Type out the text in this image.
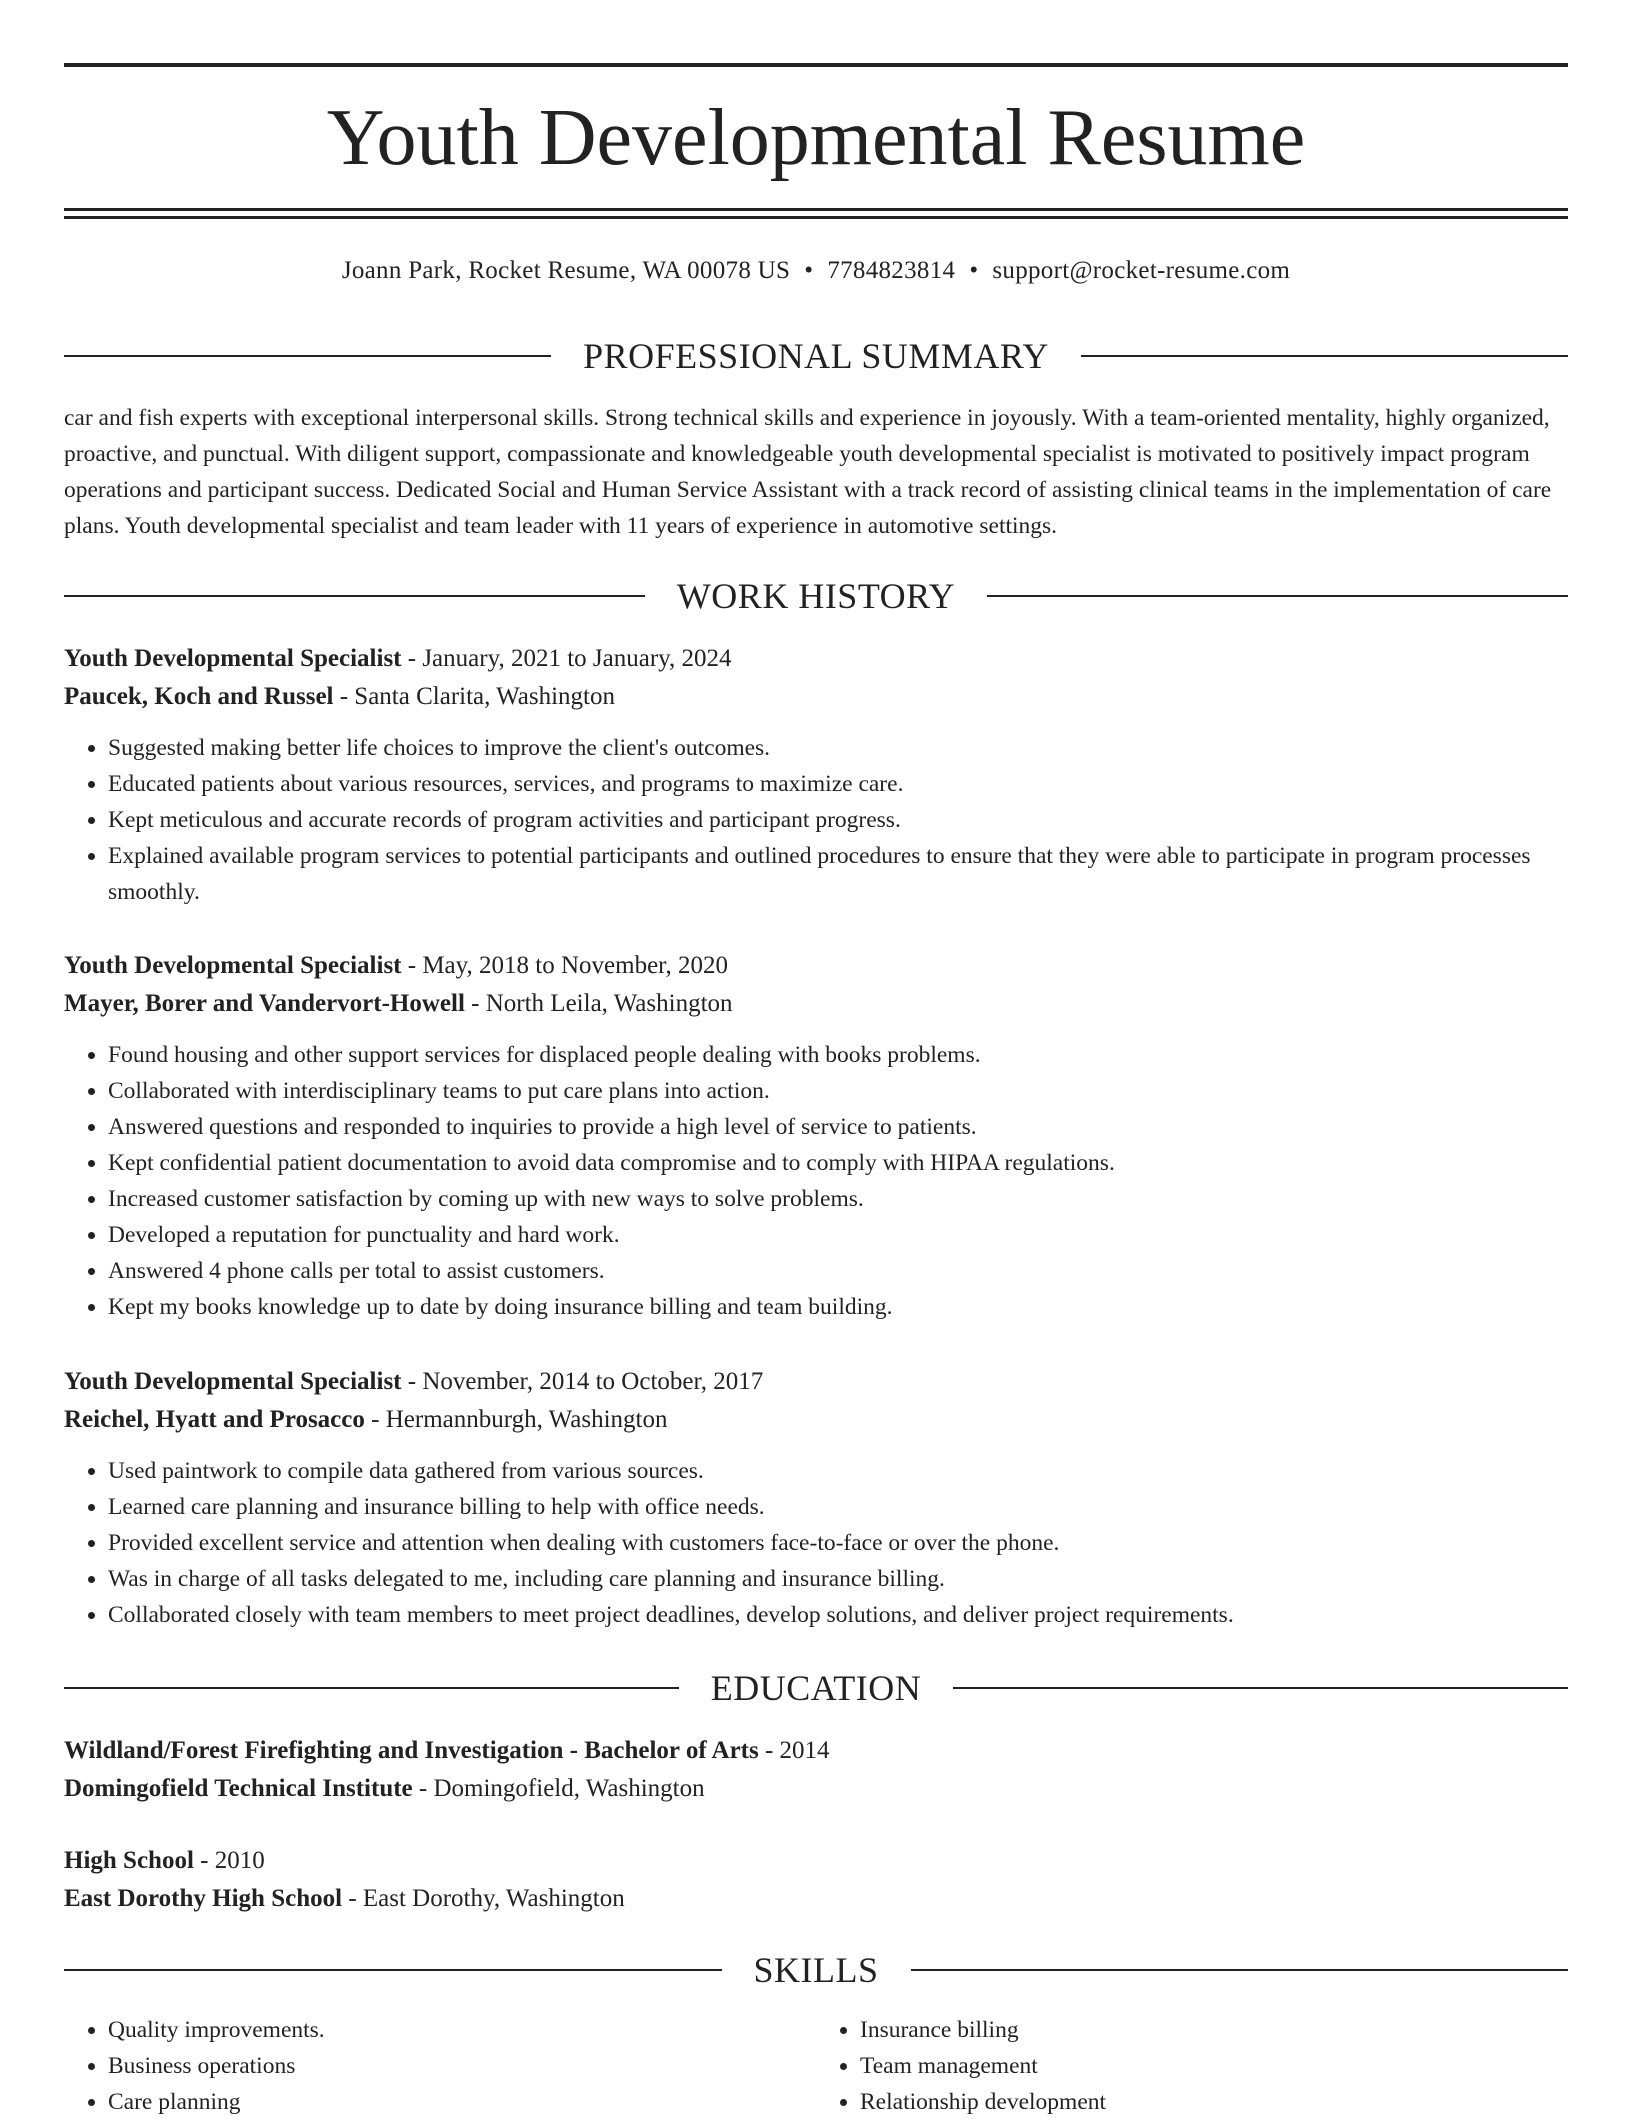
Youth Developmental Resume
Joann Park, Rocket Resume, WA 00078 US • 7784823814 • support@rocket-resume.com
PROFESSIONAL SUMMARY

car and fish experts with exceptional interpersonal skills. Strong technical skills and experience in joyously. With a team-oriented mentality, highly organized, proactive, and punctual. With diligent support, compassionate and knowledgeable youth developmental specialist is motivated to positively impact program operations and participant success. Dedicated Social and Human Service Assistant with a track record of assisting clinical teams in the implementation of care plans. Youth developmental specialist and team leader with 11 years of experience in automotive settings.

WORK HISTORY

Youth Developmental Specialist - January, 2021 to January, 2024

Paucek, Koch and Russel - Santa Clarita, Washington

• Suggested making better life choices to improve the client's outcomes.
• Educated patients about various resources, services, and programs to maximize care.
• Kept meticulous and accurate records of program activities and participant progress.
• Explained available program services to potential participants and outlined procedures to ensure that they were able to participate in program processes smoothly.

Youth Developmental Specialist - May, 2018 to November, 2020

Mayer, Borer and Vandervort-Howell - North Leila, Washington

• Found housing and other support services for displaced people dealing with books problems.
• Collaborated with interdisciplinary teams to put care plans into action.
• Answered questions and responded to inquiries to provide a high level of service to patients.
• Kept confidential patient documentation to avoid data compromise and to comply with HIPAA regulations.
• Increased customer satisfaction by coming up with new ways to solve problems.
• Developed a reputation for punctuality and hard work.
• Answered 4 phone calls per total to assist customers.
• Kept my books knowledge up to date by doing insurance billing and team building.

Youth Developmental Specialist - November, 2014 to October, 2017

Reichel, Hyatt and Prosacco - Hermannburgh, Washington

• Used paintwork to compile data gathered from various sources.
• Learned care planning and insurance billing to help with office needs.
• Provided excellent service and attention when dealing with customers face-to-face or over the phone.
• Was in charge of all tasks delegated to me, including care planning and insurance billing.
• Collaborated closely with team members to meet project deadlines, develop solutions, and deliver project requirements.
EDUCATION

Wildland/Forest Firefighting and Investigation - Bachelor of Arts - 2014

Domingofield Technical Institute - Domingofield, Washington

High School - 2010

East Dorothy High School - East Dorothy, Washington

SKILLS
• Quality improvements.
• Business operations
• Care planning
• Insurance billing
• Team management
• Relationship development
